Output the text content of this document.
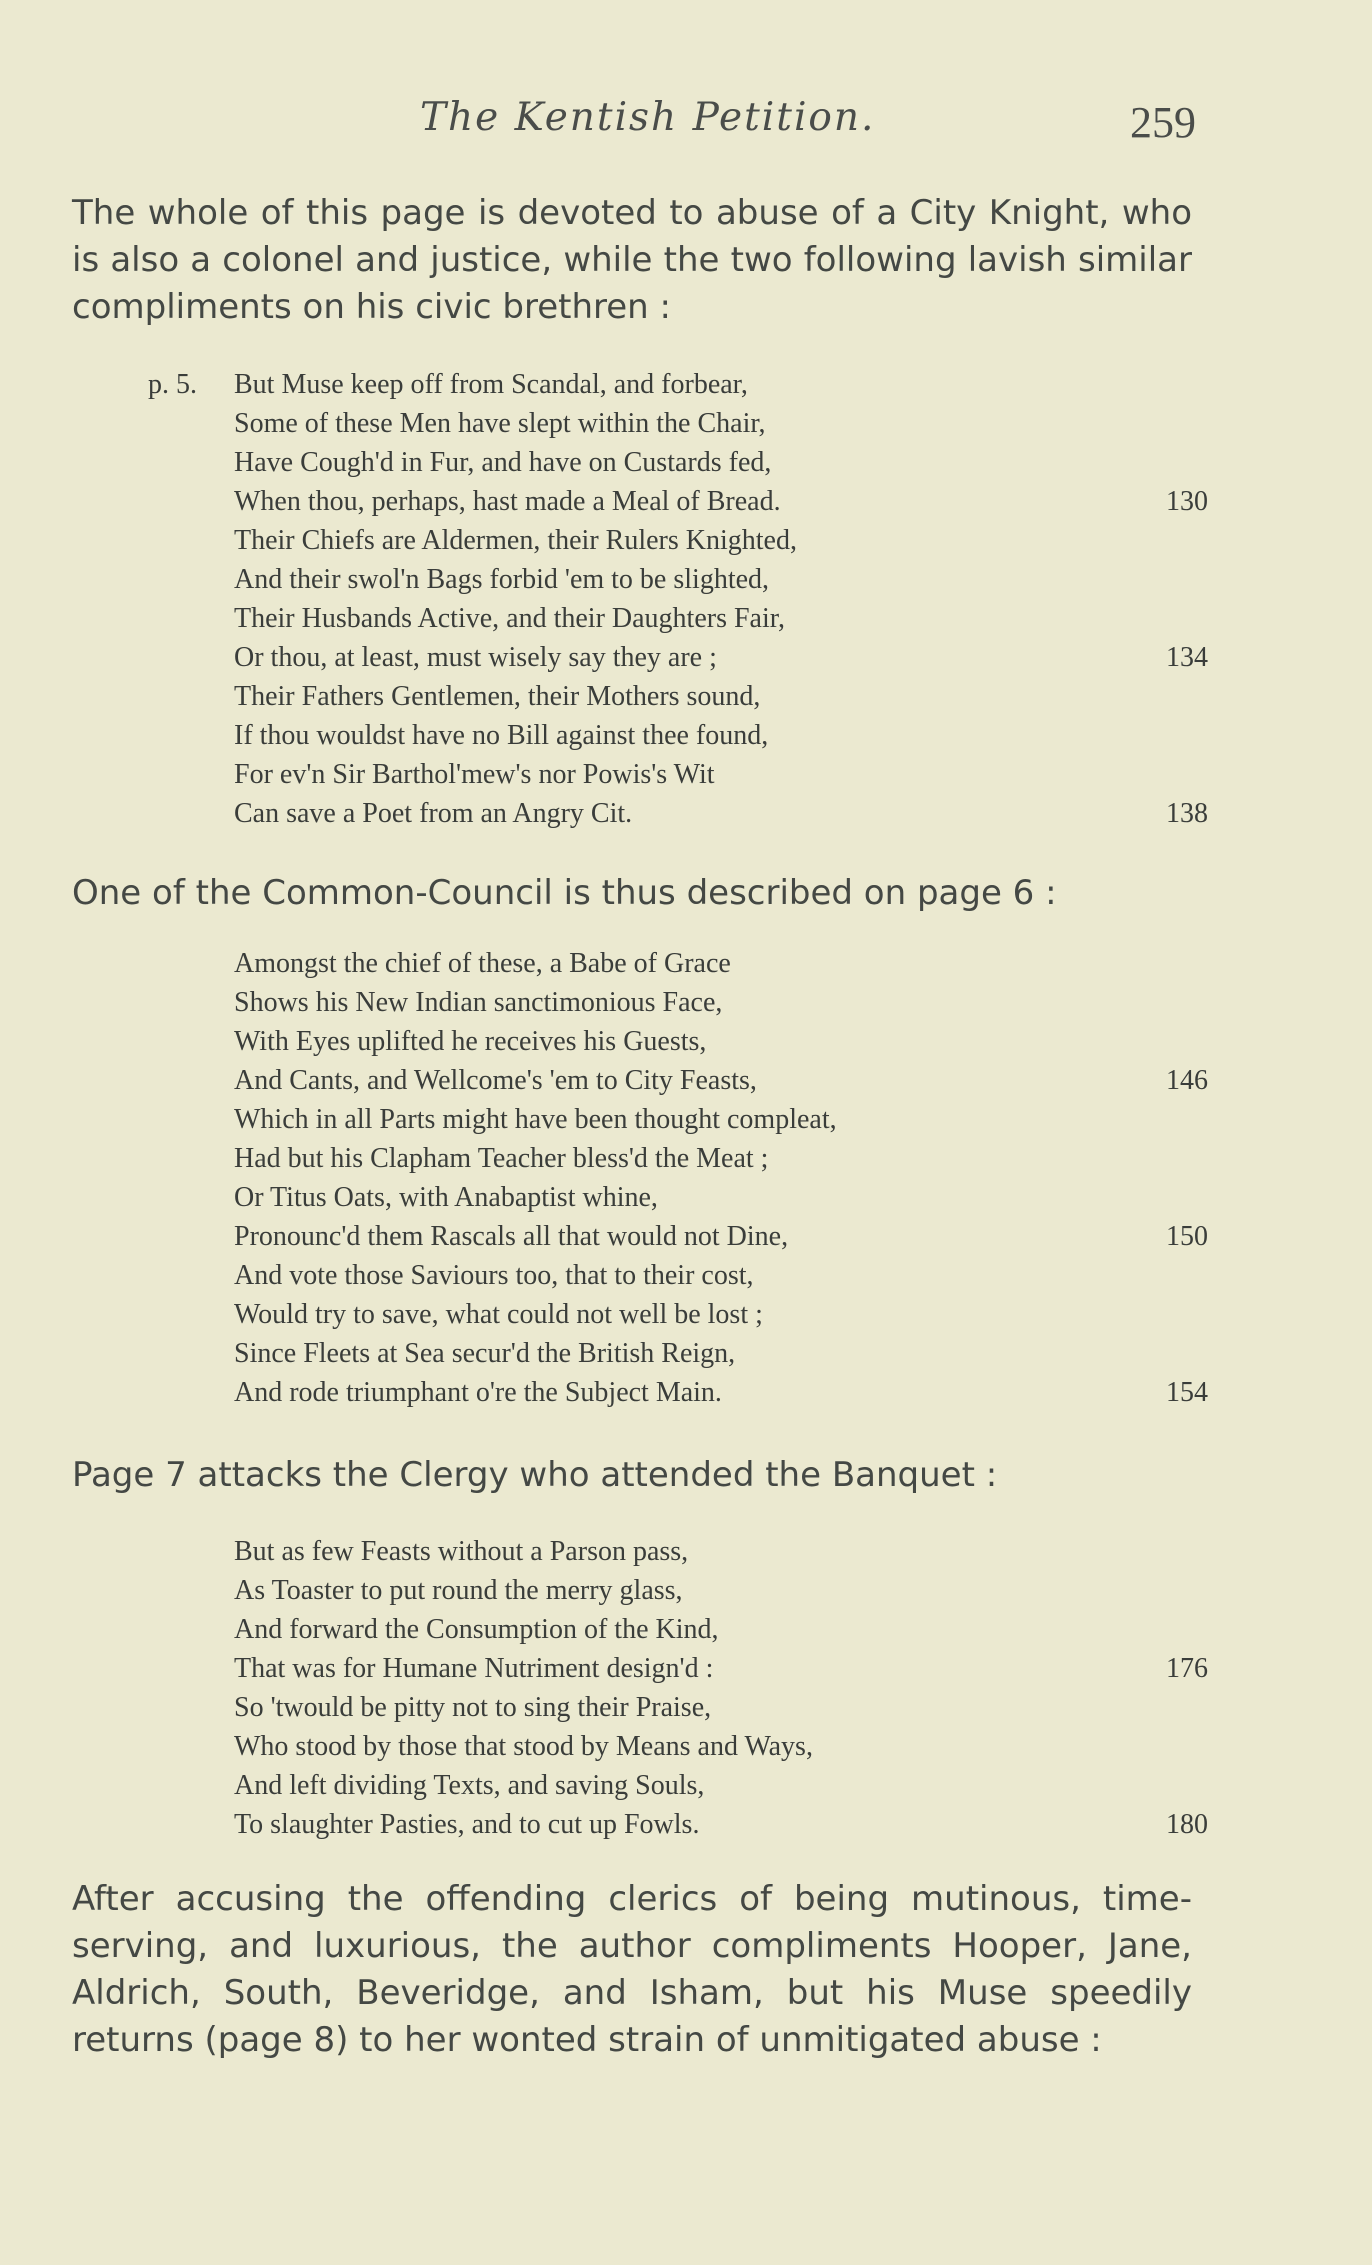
The Kentish Petition.	259

The whole of this page is devoted to abuse of a City Knight, who is also a colonel and justice, while the two following lavish similar compliments on his civic brethren :

p. 5. But Muse keep off from Scandal, and forbear,
Some of these Men have slept within the Chair,
Have Cough'd in Fur, and have on Custards fed,
When thou, perhaps, hast made a Meal of Bread.	130
Their Chiefs are Aldermen, their Rulers Knighted,
And their swol'n Bags forbid 'em to be slighted,
Their Husbands Active, and their Daughters Fair,
Or thou, at least, must wisely say they are ;	134
Their Fathers Gentlemen, their Mothers sound,
If thou wouldst have no Bill against thee found,
For ev'n Sir Barthol'mew's nor Powis's Wit
Can save a Poet from an Angry Cit.	138

One of the Common-Council is thus described on page 6 :

Amongst the chief of these, a Babe of Grace
Shows his New Indian sanctimonious Face,
With Eyes uplifted he receives his Guests,
And Cants, and Wellcome's 'em to City Feasts,	146
Which in all Parts might have been thought compleat,
Had but his Clapham Teacher bless'd the Meat ;
Or Titus Oats, with Anabaptist whine,
Pronounc'd them Rascals all that would not Dine,	150
And vote those Saviours too, that to their cost,
Would try to save, what could not well be lost ;
Since Fleets at Sea secur'd the British Reign,
And rode triumphant o're the Subject Main.	154

Page 7 attacks the Clergy who attended the Banquet :

But as few Feasts without a Parson pass,
As Toaster to put round the merry glass,
And forward the Consumption of the Kind,
That was for Humane Nutriment design'd :	176
So 'twould be pitty not to sing their Praise,
Who stood by those that stood by Means and Ways,
And left dividing Texts, and saving Souls,
To slaughter Pasties, and to cut up Fowls.	180

After accusing the offending clerics of being mutinous, time-serving, and luxurious, the author compliments Hooper, Jane, Aldrich, South, Beveridge, and Isham, but his Muse speedily returns (page 8) to her wonted strain of unmitigated abuse :
